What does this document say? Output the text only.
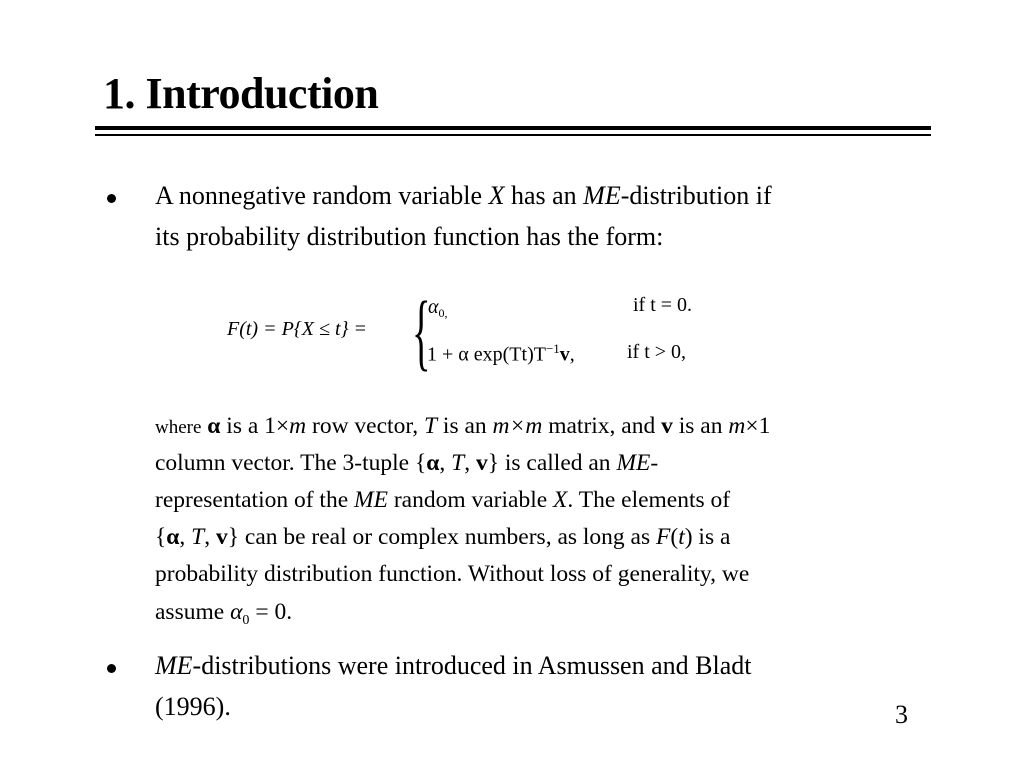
1. Introduction
A nonnegative random variable X has an ME-distribution if
its probability distribution function has the form:
F(t) = P{X ≤ t} = {
$\alpha_{0,}$	if t = 0.
1 + α $\exp(Tt)T^{-1}v$,	if t > 0,
where α is a 1×m row vector, T is an m×m matrix, and v is an m×1
column vector. The 3-tuple {α, T, v} is called an ME-
representation of the ME random variable X. The elements of
{α, T, v} can be real or complex numbers, as long as F(t) is a
probability distribution function. Without loss of generality, we
assume $\alpha_0 = 0$.
ME-distributions were introduced in Asmussen and Bladt
(1996).	3
